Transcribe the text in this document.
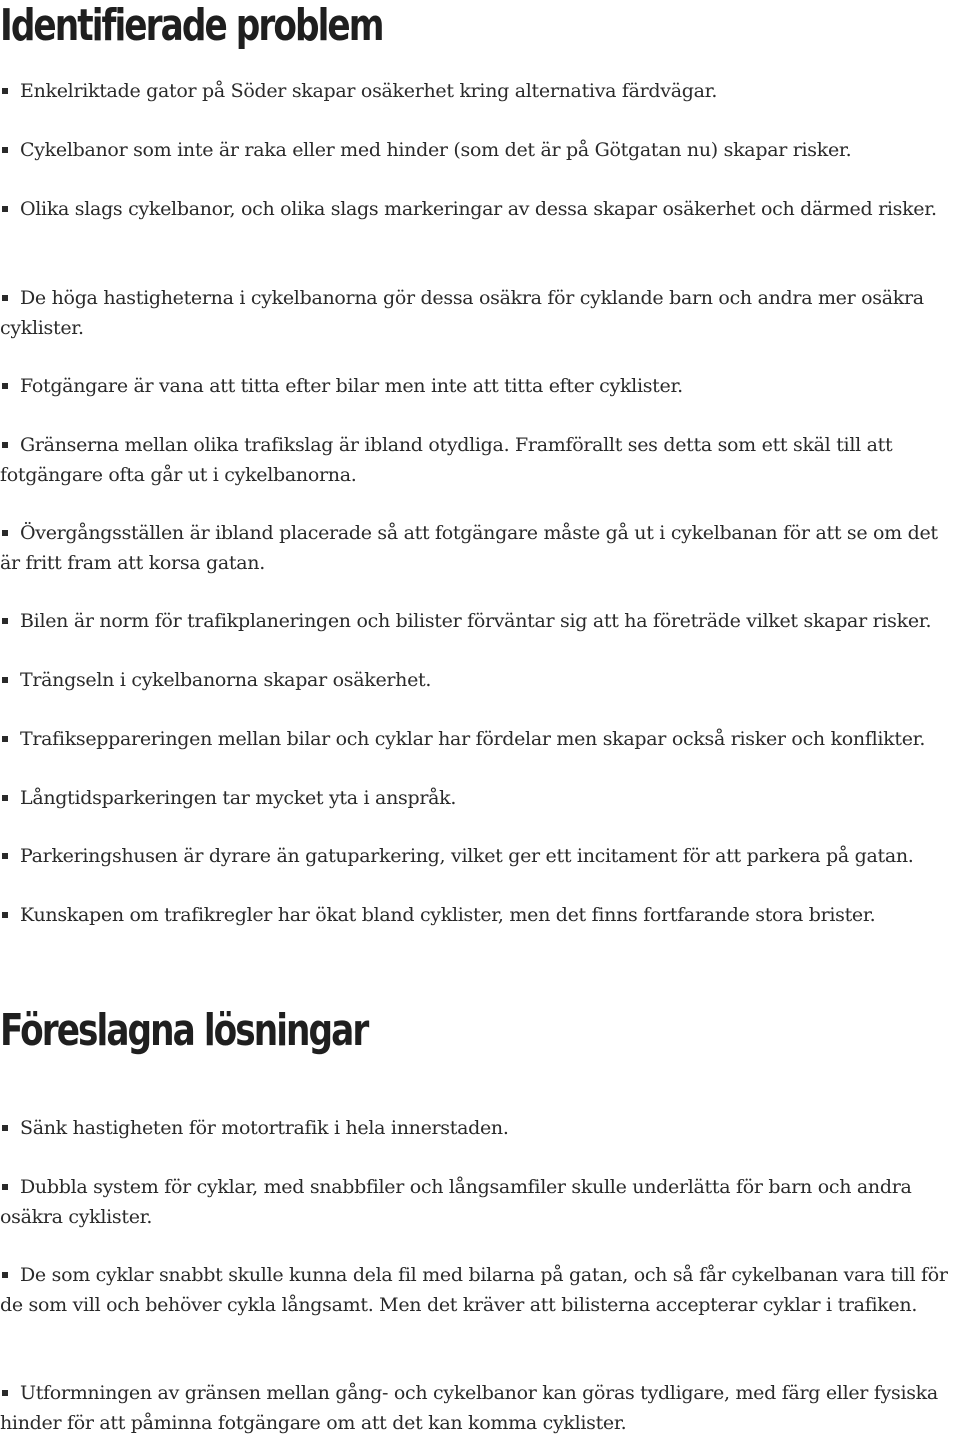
Identifierade problem
Enkelriktade gator på Söder skapar osäkerhet kring alternativa färdvägar.
Cykelbanor som inte är raka eller med hinder (som det är på Götgatan nu) skapar risker.
Olika slags cykelbanor, och olika slags markeringar av dessa skapar osäkerhet och därmed risker.
De höga hastigheterna i cykelbanorna gör dessa osäkra för cyklande barn och andra mer osäkra cyklister.
Fotgängare är vana att titta efter bilar men inte att titta efter cyklister.
Gränserna mellan olika trafikslag är ibland otydliga. Framförallt ses detta som ett skäl till att fotgängare ofta går ut i cykelbanorna.
Övergångsställen är ibland placerade så att fotgängare måste gå ut i cykelbanan för att se om det är fritt fram att korsa gatan.
Bilen är norm för trafikplaneringen och bilister förväntar sig att ha företräde vilket skapar risker.
Trängseln i cykelbanorna skapar osäkerhet.
Trafikseppareringen mellan bilar och cyklar har fördelar men skapar också risker och konflikter.
Långtidsparkeringen tar mycket yta i anspråk.
Parkeringshusen är dyrare än gatuparkering, vilket ger ett incitament för att parkera på gatan.
Kunskapen om trafikregler har ökat bland cyklister, men det finns fortfarande stora brister.
Föreslagna lösningar
Sänk hastigheten för motortrafik i hela innerstaden.
Dubbla system för cyklar, med snabbfiler och långsamfiler skulle underlätta för barn och andra osäkra cyklister.
De som cyklar snabbt skulle kunna dela fil med bilarna på gatan, och så får cykelbanan vara till för de som vill och behöver cykla långsamt. Men det kräver att bilisterna accepterar cyklar i trafiken.
Utformningen av gränsen mellan gång- och cykelbanor kan göras tydligare, med färg eller fysiska hinder för att påminna fotgängare om att det kan komma cyklister.
